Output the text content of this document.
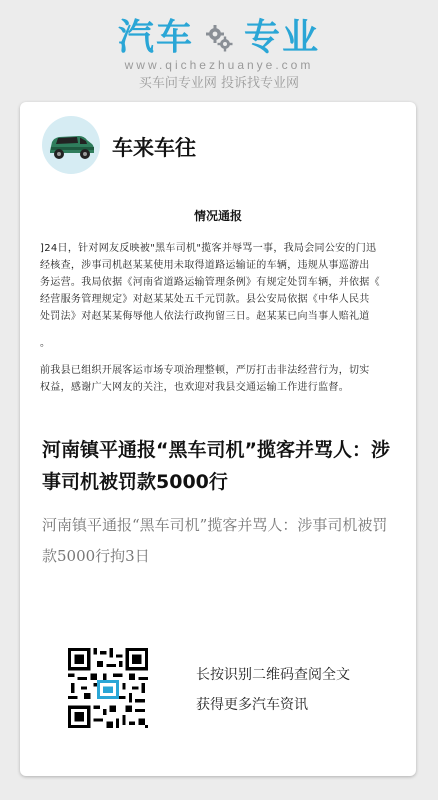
汽车 专业
www.qichezhuanye.com
买车问专业网 投诉找专业网
车来车往
情况通报

]24日，针对网友反映被"黑车司机"揽客并辱骂一事，我局会同公安的门迅
经核查，涉事司机赵某某使用未取得道路运输证的车辆，违规从事巡游出
务运营。我局依据《河南省道路运输管理条例》有规定处罚车辆，并依据《
经营服务管理规定》对赵某某处五千元罚款。县公安局依据《中华人民共
处罚法》对赵某某侮辱他人依法行政拘留三日。赵某某已向当事人赔礼道

。

前我县已组织开展客运市场专项治理整顿，严厉打击非法经营行为，切实
权益，感谢广大网友的关注，也欢迎对我县交通运输工作进行监督。

河南镇平通报“黑车司机”揽客并骂人：涉事司机被罚款5000行
河南镇平通报“黑车司机”揽客并骂人：涉事司机被罚款5000行拘3日
长按识别二维码查阅全文
获得更多汽车资讯
